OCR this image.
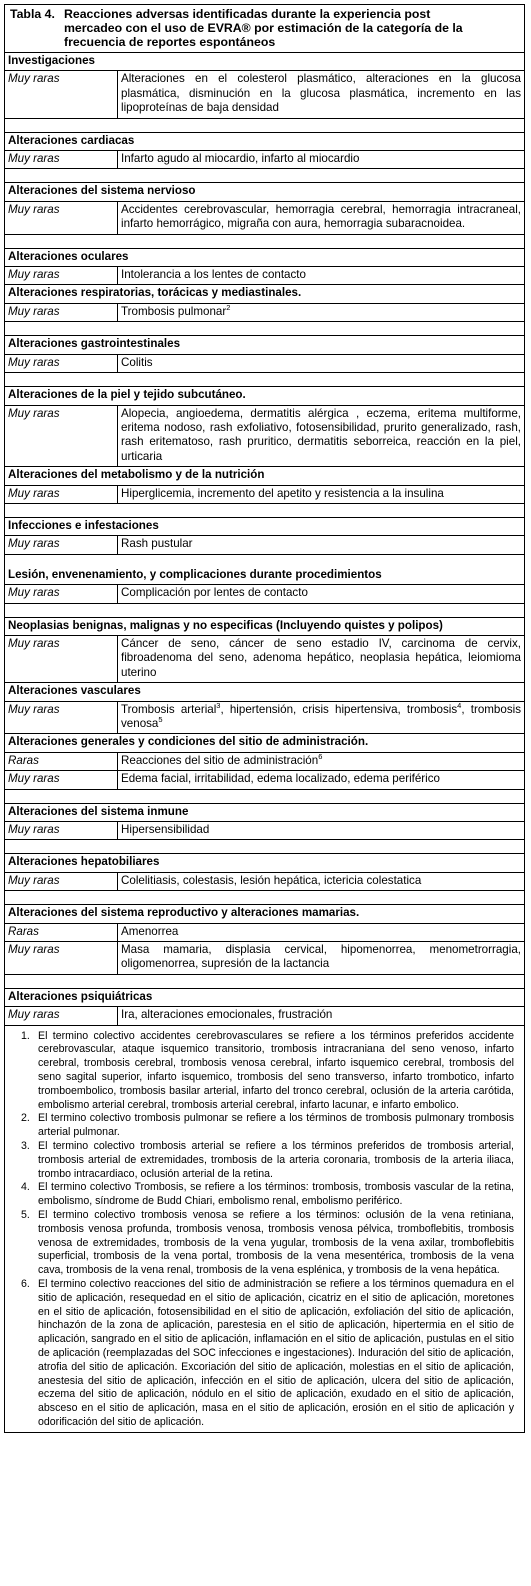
Tabla 4. Reacciones adversas identificadas durante la experiencia post
mercadeo con el uso de EVRA® por estimación de la categoría de la
frecuencia de reportes espontáneos
Investigaciones	
Muy raras	Alteraciones en el colesterol plasmático, alteraciones en la glucosa plasmática, disminución en la glucosa plasmática, incremento en las lipoproteínas de baja densidad

Alteraciones cardiacas	
Muy raras	Infarto agudo al miocardio, infarto al miocardio

Alteraciones del sistema nervioso	
Muy raras	Accidentes cerebrovascular, hemorragia cerebral, hemorragia intracraneal, infarto hemorrágico, migraña con aura, hemorragia subaracnoidea.

Alteraciones oculares	
Muy raras	Intolerancia a los lentes de contacto
Alteraciones respiratorias, torácicas y mediastinales.	
Muy raras	Trombosis pulmonar$^2$

Alteraciones gastrointestinales	
Muy raras	Colitis

Alteraciones de la piel y tejido subcutáneo.	
Muy raras	Alopecia, angioedema, dermatitis alérgica , eczema, eritema multiforme, eritema nodoso, rash exfoliativo, fotosensibilidad, prurito generalizado, rash, rash eritematoso, rash pruritico, dermatitis seborreica, reacción en la piel, urticaria
Alteraciones del metabolismo y de la nutrición	
Muy raras	Hiperglicemia, incremento del apetito y resistencia a la insulina

Infecciones e infestaciones	
Muy raras	Rash pustular
Lesión, envenenamiento, y complicaciones durante procedimientos	
Muy raras	Complicación por lentes de contacto

Neoplasias benignas, malignas y no especificas (Incluyendo quistes y polipos)	
Muy raras	Cáncer de seno, cáncer de seno estadio IV, carcinoma de cervix, fibroadenoma del seno, adenoma hepático, neoplasia hepática, leiomioma uterino
Alteraciones vasculares	
Muy raras	Trombosis arterial$^3$, hipertensión, crisis hipertensiva, trombosis$^4$, trombosis venosa$^5$
Alteraciones generales y condiciones del sitio de administración.	
Raras	Reacciones del sitio de administración$^6$
Muy raras	Edema facial, irritabilidad, edema localizado, edema periférico

Alteraciones del sistema inmune	
Muy raras	Hipersensibilidad

Alteraciones hepatobiliares	
Muy raras	Colelitiasis, colestasis, lesión hepática, ictericia colestatica

Alteraciones del sistema reproductivo y alteraciones mamarias.	
Raras	Amenorrea
Muy raras	Masa mamaria, displasia cervical, hipomenorrea, menometrorragia, oligomenorrea, supresión de la lactancia

Alteraciones psiquiátricas	
Muy raras	Ira, alteraciones emocionales, frustración
1. El termino colectivo accidentes cerebrovasculares se refiere a los términos preferidos accidente cerebrovascular, ataque isquemico transitorio, trombosis intracraniana del seno venoso, infarto cerebral, trombosis cerebral, trombosis venosa cerebral, infarto isquemico cerebral, trombosis del seno sagital superior, infarto isquemico, trombosis del seno transverso, infarto trombotico, infarto tromboembolico, trombosis basilar arterial, infarto del tronco cerebral, oclusión de la arteria carótida, embolismo arterial cerebral, trombosis arterial cerebral, infarto lacunar, e infarto embolico.
2. El termino colectivo trombosis pulmonar se refiere a los términos de trombosis pulmonary trombosis arterial pulmonar.
3. El termino colectivo trombosis arterial se refiere a los términos preferidos de trombosis arterial, trombosis arterial de extremidades, trombosis de la arteria coronaria, trombosis de la arteria iliaca, trombo intracardiaco, oclusión arterial de la retina.
4. El termino colectivo Trombosis, se refiere a los términos: trombosis, trombosis vascular de la retina, embolismo, síndrome de Budd Chiari, embolismo renal, embolismo periférico.
5. El termino colectivo trombosis venosa se refiere a los términos: oclusión de la vena retiniana, trombosis venosa profunda, trombosis venosa, trombosis venosa pélvica, tromboflebitis, trombosis venosa de extremidades, trombosis de la vena yugular, trombosis de la vena axilar, tromboflebitis superficial, trombosis de la vena portal, trombosis de la vena mesentérica, trombosis de la vena cava, trombosis de la vena renal, trombosis de la vena esplénica, y trombosis de la vena hepática.
6. El termino colectivo reacciones del sitio de administración se refiere a los términos quemadura en el sitio de aplicación, resequedad en el sitio de aplicación, cicatriz en el sitio de aplicación, moretones en el sitio de aplicación, fotosensibilidad en el sitio de aplicación, exfoliación del sitio de aplicación, hinchazón de la zona de aplicación, parestesia en el sitio de aplicación, hipertermia en el sitio de aplicación, sangrado en el sitio de aplicación, inflamación en el sitio de aplicación, pustulas en el sitio de aplicación (reemplazadas del SOC infecciones e ingestaciones). Induración del sitio de aplicación, atrofia del sitio de aplicación. Excoriación del sitio de aplicación, molestias en el sitio de aplicación, anestesia del sitio de aplicación, infección en el sitio de aplicación, ulcera del sitio de aplicación, eczema del sitio de aplicación, nódulo en el sitio de aplicación, exudado en el sitio de aplicación, absceso en el sitio de aplicación, masa en el sitio de aplicación, erosión en el sitio de aplicación y odorificación del sitio de aplicación.
